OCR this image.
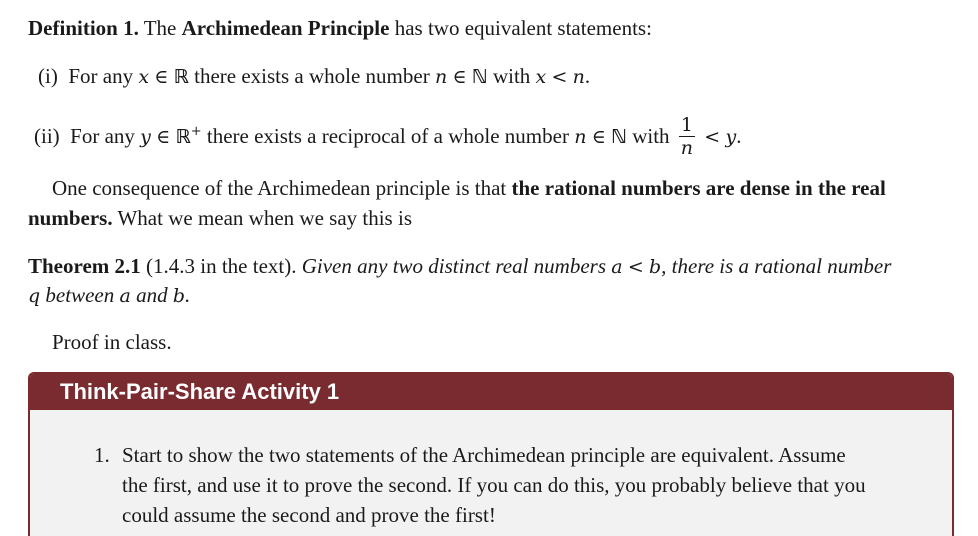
Definition 1. The Archimedean Principle has two equivalent statements:
(i) For any x ∈ ℝ there exists a whole number n ∈ ℕ with x < n.
(ii) For any y ∈ ℝ+ there exists a reciprocal of a whole number n ∈ ℕ with $\frac{1}{n} < y$.
One consequence of the Archimedean principle is that the rational numbers are dense in the real
numbers. What we mean when we say this is
Theorem 2.1 (1.4.3 in the text). Given any two distinct real numbers a < b, there is a rational number
q between a and b.
Proof in class.
Think-Pair-Share Activity 1
1. Start to show the two statements of the Archimedean principle are equivalent. Assume
the first, and use it to prove the second. If you can do this, you probably believe that you
could assume the second and prove the first!
